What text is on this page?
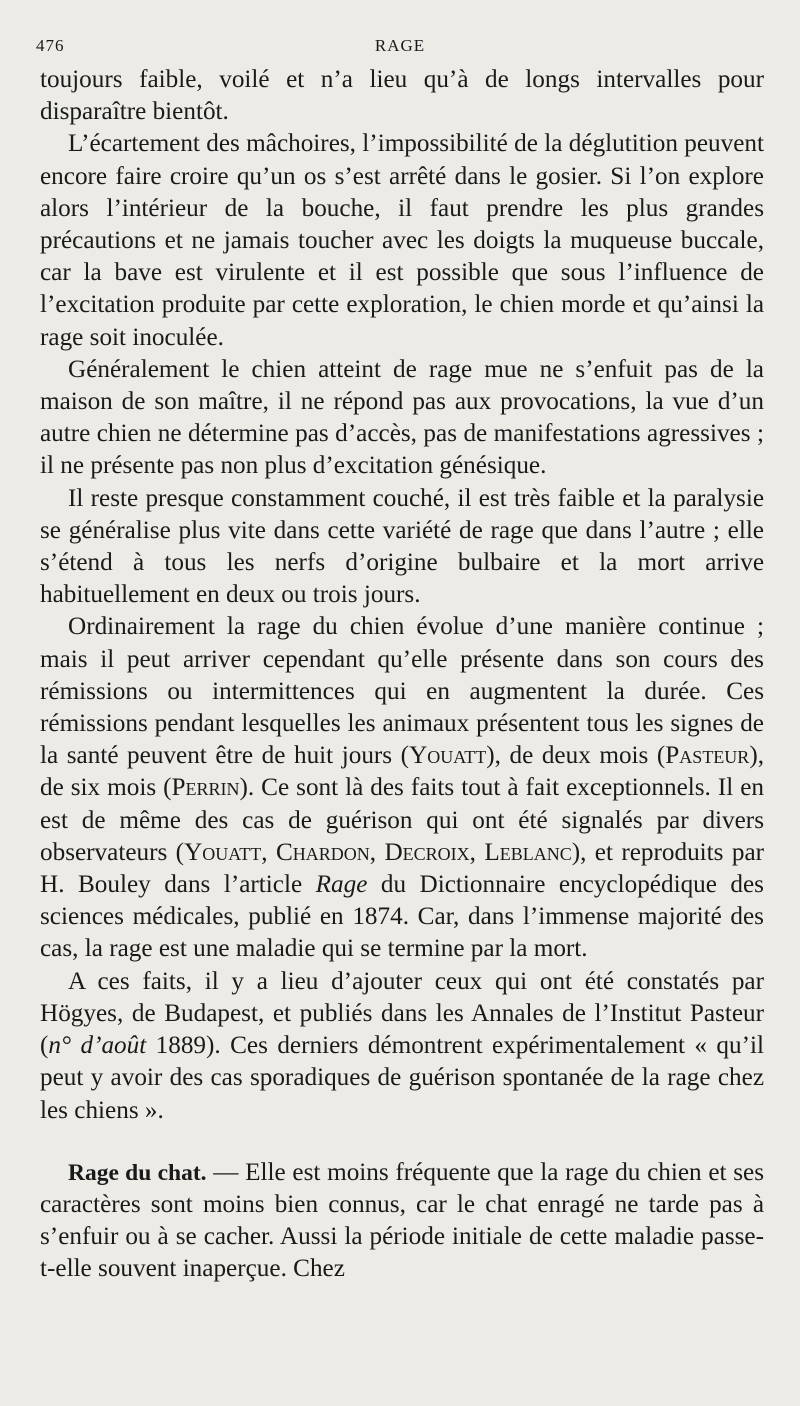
476	RAGE

toujours faible, voilé et n’a lieu qu’à de longs intervalles pour disparaître bientôt.

L’écartement des mâchoires, l’impossibilité de la déglutition peuvent encore faire croire qu’un os s’est arrêté dans le gosier. Si l’on explore alors l’intérieur de la bouche, il faut prendre les plus grandes précautions et ne jamais toucher avec les doigts la muqueuse buccale, car la bave est virulente et il est possible que sous l’influence de l’excitation produite par cette exploration, le chien morde et qu’ainsi la rage soit inoculée.

Généralement le chien atteint de rage mue ne s’enfuit pas de la maison de son maître, il ne répond pas aux provocations, la vue d’un autre chien ne détermine pas d’accès, pas de manifestations agressives ; il ne présente pas non plus d’excitation génésique.

Il reste presque constamment couché, il est très faible et la paralysie se généralise plus vite dans cette variété de rage que dans l’autre ; elle s’étend à tous les nerfs d’origine bulbaire et la mort arrive habituellement en deux ou trois jours.

Ordinairement la rage du chien évolue d’une manière continue ; mais il peut arriver cependant qu’elle présente dans son cours des rémissions ou intermittences qui en augmentent la durée. Ces rémissions pendant lesquelles les animaux présentent tous les signes de la santé peuvent être de huit jours (Youatt), de deux mois (Pasteur), de six mois (Perrin). Ce sont là des faits tout à fait exceptionnels. Il en est de même des cas de guérison qui ont été signalés par divers observateurs (Youatt, Chardon, Decroix, Leblanc), et reproduits par H. Bouley dans l’article Rage du Dictionnaire encyclopédique des sciences médicales, publié en 1874. Car, dans l’immense majorité des cas, la rage est une maladie qui se termine par la mort.

A ces faits, il y a lieu d’ajouter ceux qui ont été constatés par Högyes, de Budapest, et publiés dans les Annales de l’Institut Pasteur (n° d’août 1889). Ces derniers démontrent expérimentalement « qu’il peut y avoir des cas sporadiques de guérison spontanée de la rage chez les chiens ».

Rage du chat. — Elle est moins fréquente que la rage du chien et ses caractères sont moins bien connus, car le chat enragé ne tarde pas à s’enfuir ou à se cacher. Aussi la période initiale de cette maladie passe-t-elle souvent inaperçue. Chez
